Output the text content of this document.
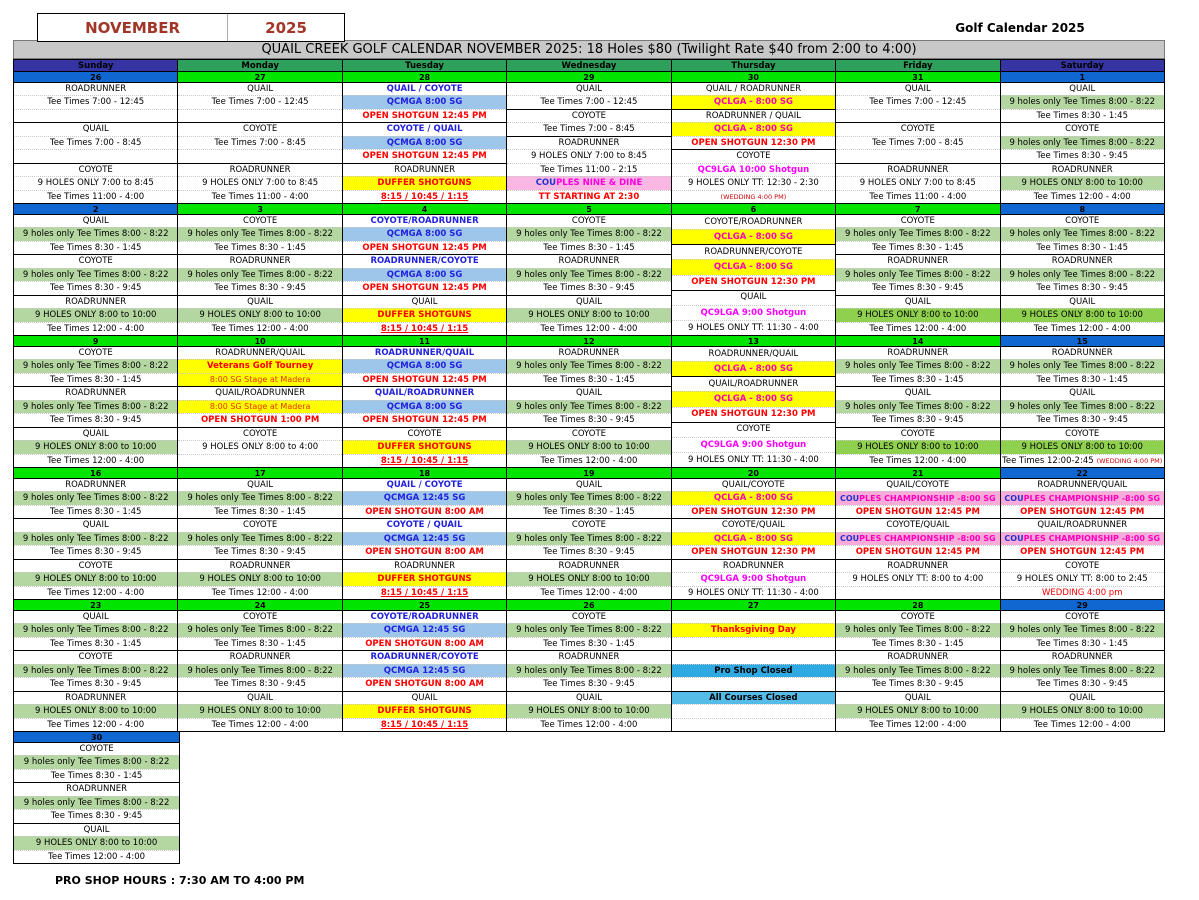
QUAIL CREEK GOLF CALENDAR NOVEMBER 2025: 18 Holes $80 (Twilight Rate $40 from 2:00 to 4:00)
NOVEMBER	2025	Golf Calendar 2025
Sunday	Monday	Tuesday	Wednesday	Thursday	Friday	Saturday
26
ROADRUNNER
Tee Times 7:00 - 12:45

QUAIL
Tee Times 7:00 - 8:45

COYOTE
9 HOLES ONLY 7:00 to 8:45
Tee Times 11:00 - 4:00
27
QUAIL
Tee Times 7:00 - 12:45

COYOTE
Tee Times 7:00 - 8:45

ROADRUNNER
9 HOLES ONLY 7:00 to 8:45
Tee Times 11:00 - 4:00
28
QUAIL / COYOTE
QCMGA 8:00 SG
OPEN SHOTGUN 12:45 PM
COYOTE / QUAIL
QCMGA 8:00 SG
OPEN SHOTGUN 12:45 PM
ROADRUNNER
DUFFER SHOTGUNS
8:15 / 10:45 / 1:15
29
QUAIL
Tee Times 7:00 - 12:45
COYOTE
Tee Times 7:00 - 8:45
ROADRUNNER
9 HOLES ONLY 7:00 to 8:45
Tee Times 11:00 - 2:15
COU PLES NINE & DINE
TT STARTING AT 2:30
30
QUAIL / ROADRUNNER
QCLGA - 8:00 SG
ROADRUNNER / QUAIL
QCLGA - 8:00 SG
OPEN SHOTGUN 12:30 PM
COYOTE
QC9LGA 10:00 Shotgun
9 HOLES ONLY TT: 12:30 - 2:30
(WEDDING 4:00 PM)
31
QUAIL
Tee Times 7:00 - 12:45

COYOTE
Tee Times 7:00 - 8:45

ROADRUNNER
9 HOLES ONLY 7:00 to 8:45
Tee Times 11:00 - 4:00
1
QUAIL
9 holes only Tee Times 8:00 - 8:22
Tee Times 8:30 - 1:45
COYOTE
9 holes only Tee Times 8:00 - 8:22
Tee Times 8:30 - 9:45
ROADRUNNER
9 HOLES ONLY 8:00 to 10:00
Tee Times 12:00 - 4:00
2
QUAIL
9 holes only Tee Times 8:00 - 8:22
Tee Times 8:30 - 1:45
COYOTE
9 holes only Tee Times 8:00 - 8:22
Tee Times 8:30 - 9:45
ROADRUNNER
9 HOLES ONLY 8:00 to 10:00
Tee Times 12:00 - 4:00
3
COYOTE
9 holes only Tee Times 8:00 - 8:22
Tee Times 8:30 - 1:45
ROADRUNNER
9 holes only Tee Times 8:00 - 8:22
Tee Times 8:30 - 9:45
QUAIL
9 HOLES ONLY 8:00 to 10:00
Tee Times 12:00 - 4:00
4
COYOTE/ROADRUNNER
QCMGA 8:00 SG
OPEN SHOTGUN 12:45 PM
ROADRUNNER/COYOTE
QCMGA 8:00 SG
OPEN SHOTGUN 12:45 PM
QUAIL
DUFFER SHOTGUNS
8:15 / 10:45 / 1:15
5
COYOTE
9 holes only Tee Times 8:00 - 8:22
Tee Times 8:30 - 1:45
ROADRUNNER
9 holes only Tee Times 8:00 - 8:22
Tee Times 8:30 - 9:45
QUAIL
9 HOLES ONLY 8:00 to 10:00
Tee Times 12:00 - 4:00
6
COYOTE/ROADRUNNER
QCLGA - 8:00 SG
ROADRUNNER/COYOTE
QCLGA - 8:00 SG
OPEN SHOTGUN 12:30 PM
QUAIL
QC9LGA 9:00 Shotgun
9 HOLES ONLY TT: 11:30 - 4:00
7
COYOTE
9 holes only Tee Times 8:00 - 8:22
Tee Times 8:30 - 1:45
ROADRUNNER
9 holes only Tee Times 8:00 - 8:22
Tee Times 8:30 - 9:45
QUAIL
9 HOLES ONLY 8:00 to 10:00
Tee Times 12:00 - 4:00
8
COYOTE
9 holes only Tee Times 8:00 - 8:22
Tee Times 8:30 - 1:45
ROADRUNNER
9 holes only Tee Times 8:00 - 8:22
Tee Times 8:30 - 9:45
QUAIL
9 HOLES ONLY 8:00 to 10:00
Tee Times 12:00 - 4:00
9
COYOTE
9 holes only Tee Times 8:00 - 8:22
Tee Times 8:30 - 1:45
ROADRUNNER
9 holes only Tee Times 8:00 - 8:22
Tee Times 8:30 - 9:45
QUAIL
9 HOLES ONLY 8:00 to 10:00
Tee Times 12:00 - 4:00
10
ROADRUNNER/QUAIL
Veterans Golf Tourney
8:00 SG Stage at Madera
QUAIL/ROADRUNNER
8:00 SG Stage at Madera
OPEN SHOTGUN 1:00 PM
COYOTE
9 HOLES ONLY 8:00 to 4:00

11
ROADRUNNER/QUAIL
QCMGA 8:00 SG
OPEN SHOTGUN 12:45 PM
QUAIL/ROADRUNNER
QCMGA 8:00 SG
OPEN SHOTGUN 12:45 PM
COYOTE
DUFFER SHOTGUNS
8:15 / 10:45 / 1:15
12
ROADRUNNER
9 holes only Tee Times 8:00 - 8:22
Tee Times 8:30 - 1:45
QUAIL
9 holes only Tee Times 8:00 - 8:22
Tee Times 8:30 - 9:45
COYOTE
9 HOLES ONLY 8:00 to 10:00
Tee Times 12:00 - 4:00
13
ROADRUNNER/QUAIL
QCLGA - 8:00 SG
QUAIL/ROADRUNNER
QCLGA - 8:00 SG
OPEN SHOTGUN 12:30 PM
COYOTE
QC9LGA 9:00 Shotgun
9 HOLES ONLY TT: 11:30 - 4:00
14
ROADRUNNER
9 holes only Tee Times 8:00 - 8:22
Tee Times 8:30 - 1:45
QUAIL
9 holes only Tee Times 8:00 - 8:22
Tee Times 8:30 - 9:45
COYOTE
9 HOLES ONLY 8:00 to 10:00
Tee Times 12:00 - 4:00
15
ROADRUNNER
9 holes only Tee Times 8:00 - 8:22
Tee Times 8:30 - 1:45
QUAIL
9 holes only Tee Times 8:00 - 8:22
Tee Times 8:30 - 9:45
COYOTE
9 HOLES ONLY 8:00 to 10:00
Tee Times 12:00-2:45 (WEDDING 4:00 PM)
16
ROADRUNNER
9 holes only Tee Times 8:00 - 8:22
Tee Times 8:30 - 1:45
QUAIL
9 holes only Tee Times 8:00 - 8:22
Tee Times 8:30 - 9:45
COYOTE
9 HOLES ONLY 8:00 to 10:00
Tee Times 12:00 - 4:00
17
QUAIL
9 holes only Tee Times 8:00 - 8:22
Tee Times 8:30 - 1:45
COYOTE
9 holes only Tee Times 8:00 - 8:22
Tee Times 8:30 - 9:45
ROADRUNNER
9 HOLES ONLY 8:00 to 10:00
Tee Times 12:00 - 4:00
18
QUAIL / COYOTE
QCMGA 12:45 SG
OPEN SHOTGUN 8:00 AM
COYOTE / QUAIL
QCMGA 12:45 SG
OPEN SHOTGUN 8:00 AM
ROADRUNNER
DUFFER SHOTGUNS
8:15 / 10:45 / 1:15
19
QUAIL
9 holes only Tee Times 8:00 - 8:22
Tee Times 8:30 - 1:45
COYOTE
9 holes only Tee Times 8:00 - 8:22
Tee Times 8:30 - 9:45
ROADRUNNER
9 HOLES ONLY 8:00 to 10:00
Tee Times 12:00 - 4:00
20
QUAIL/COYOTE
QCLGA - 8:00 SG
OPEN SHOTGUN 12:30 PM
COYOTE/QUAIL
QCLGA - 8:00 SG
OPEN SHOTGUN 12:30 PM
ROADRUNNER
QC9LGA 9:00 Shotgun
9 HOLES ONLY TT: 11:30 - 4:00
21
QUAIL/COYOTE
COU PLES CHAMPIONSHIP -8:00 SG
OPEN SHOTGUN 12:45 PM
COYOTE/QUAIL
COU PLES CHAMPIONSHIP -8:00 SG
OPEN SHOTGUN 12:45 PM
ROADRUNNER
9 HOLES ONLY TT: 8:00 to 4:00

22
ROADRUNNER/QUAIL
COU PLES CHAMPIONSHIP -8:00 SG
OPEN SHOTGUN 12:45 PM
QUAIL/ROADRUNNER
COU PLES CHAMPIONSHIP -8:00 SG
OPEN SHOTGUN 12:45 PM
COYOTE
9 HOLES ONLY TT: 8:00 to 2:45
WEDDING 4:00 pm
23
QUAIL
9 holes only Tee Times 8:00 - 8:22
Tee Times 8:30 - 1:45
COYOTE
9 holes only Tee Times 8:00 - 8:22
Tee Times 8:30 - 9:45
ROADRUNNER
9 HOLES ONLY 8:00 to 10:00
Tee Times 12:00 - 4:00
24
COYOTE
9 holes only Tee Times 8:00 - 8:22
Tee Times 8:30 - 1:45
ROADRUNNER
9 holes only Tee Times 8:00 - 8:22
Tee Times 8:30 - 9:45
QUAIL
9 HOLES ONLY 8:00 to 10:00
Tee Times 12:00 - 4:00
25
COYOTE/ROADRUNNER
QCMGA 12:45 SG
OPEN SHOTGUN 8:00 AM
ROADRUNNER/COYOTE
QCMGA 12:45 SG
OPEN SHOTGUN 8:00 AM
QUAIL
DUFFER SHOTGUNS
8:15 / 10:45 / 1:15
26
COYOTE
9 holes only Tee Times 8:00 - 8:22
Tee Times 8:30 - 1:45
ROADRUNNER
9 holes only Tee Times 8:00 - 8:22
Tee Times 8:30 - 9:45
QUAIL
9 HOLES ONLY 8:00 to 10:00
Tee Times 12:00 - 4:00
27

Thanksgiving Day

Pro Shop Closed

All Courses Closed

28
COYOTE
9 holes only Tee Times 8:00 - 8:22
Tee Times 8:30 - 1:45
ROADRUNNER
9 holes only Tee Times 8:00 - 8:22
Tee Times 8:30 - 9:45
QUAIL
9 HOLES ONLY 8:00 to 10:00
Tee Times 12:00 - 4:00
29
COYOTE
9 holes only Tee Times 8:00 - 8:22
Tee Times 8:30 - 1:45
ROADRUNNER
9 holes only Tee Times 8:00 - 8:22
Tee Times 8:30 - 9:45
QUAIL
9 HOLES ONLY 8:00 to 10:00
Tee Times 12:00 - 4:00
30
COYOTE
9 holes only Tee Times 8:00 - 8:22
Tee Times 8:30 - 1:45
ROADRUNNER
9 holes only Tee Times 8:00 - 8:22
Tee Times 8:30 - 9:45
QUAIL
9 HOLES ONLY 8:00 to 10:00
Tee Times 12:00 - 4:00
PRO SHOP HOURS : 7:30 AM TO 4:00 PM
